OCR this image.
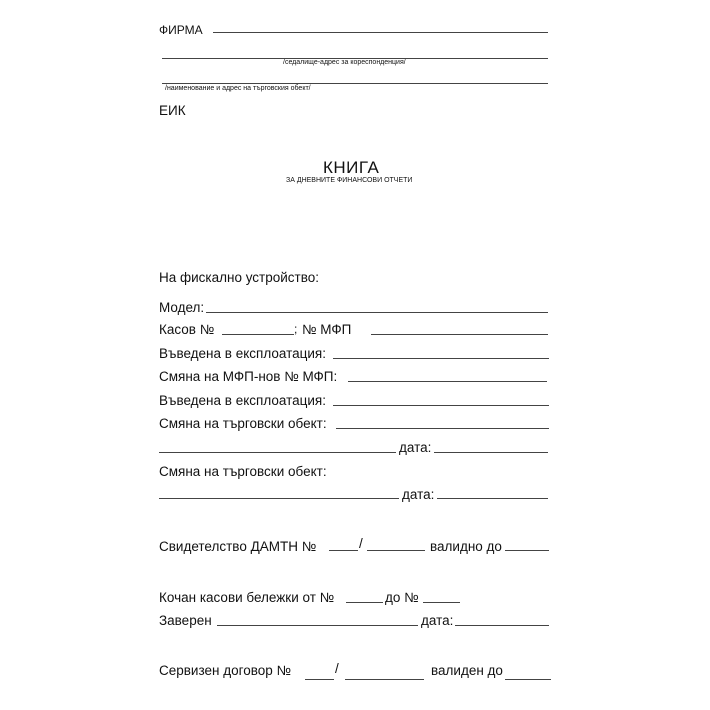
ФИРМА
/седалище-адрес за кореспонденция/
/наименование и адрес на търговския обект/
ЕИК
КНИГА
ЗА ДНЕВНИТЕ ФИНАНСОВИ ОТЧЕТИ
На фискално устройство:
Модел:
Касов №	; № МФП
Въведена в експлоатация:
Смяна на МФП-нов № МФП:
Въведена в експлоатация:
Смяна на търговски обект:
дата:
Смяна на търговски обект:
дата:
Свидетелство ДАМТН №	/	валидно до
Кочан касови бележки от №	до №
Заверен	дата:
Сервизен договор №	/	валиден до
